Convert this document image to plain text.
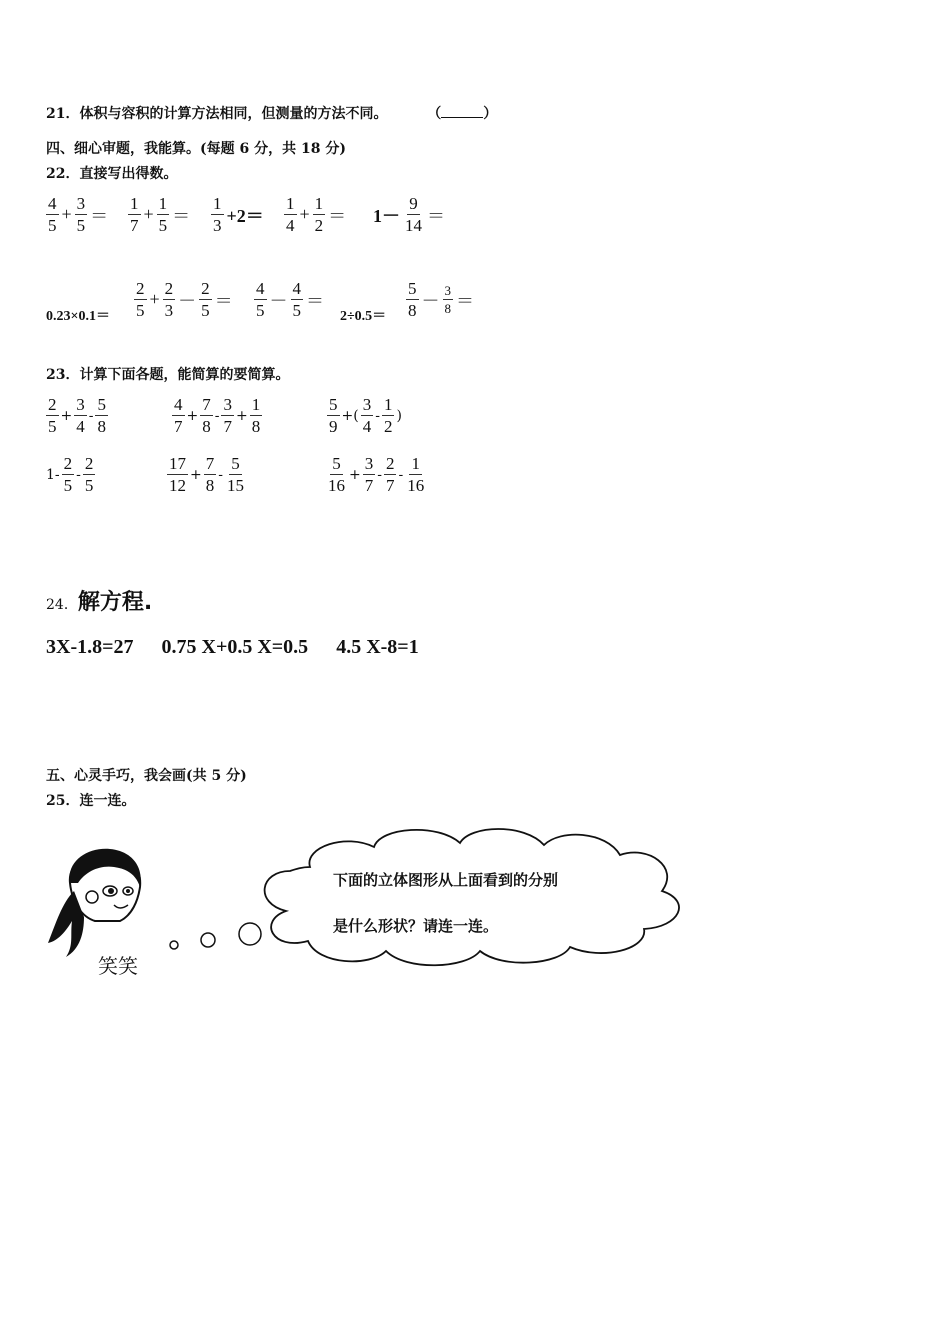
21．体积与容积的计算方法相同，但测量的方法不同。	（	）
四、细心审题，我能算。(每题 6 分，共 18 分)
22．直接写出得数。
$\frac{4}{5} + \frac{3}{5} = \frac{1}{7} + \frac{1}{5} = \frac{1}{3} +2= \frac{1}{4} + \frac{1}{2} = 1- \frac{9}{14}$ ＝
$0.23\times 0.1= \frac{2}{5} + \frac{2}{3} - \frac{2}{5} = \frac{4}{5} - \frac{4}{5}$ ＝
$2\div 0.5= \frac{5}{8} - \frac{3}{8}$ ＝
23．计算下面各题，能简算的要简算。
$\frac{2}{5} + \frac{3}{4} - \frac{5}{8}$	$\frac{4}{7} + \frac{7}{8} - \frac{3}{7} + \frac{1}{8}$	$\frac{5}{9}$ +( $\frac{3}{4} - \frac{1}{2}$ )
$1- \frac{2}{5} - \frac{2}{5}$	$\frac{17}{12} + \frac{7}{8} - \frac{5}{15}$	$\frac{5}{16} + \frac{3}{7} - \frac{2}{7} - \frac{1}{16}$
24．解方程.
3X-1.8=27 0.75 X+0.5 X=0.5 4.5 X-8=1
五、心灵手巧，我会画(共 5 分)
25．连一连。
笑笑
下面的立体图形从上面看到的分别
是什么形状？请连一连。
